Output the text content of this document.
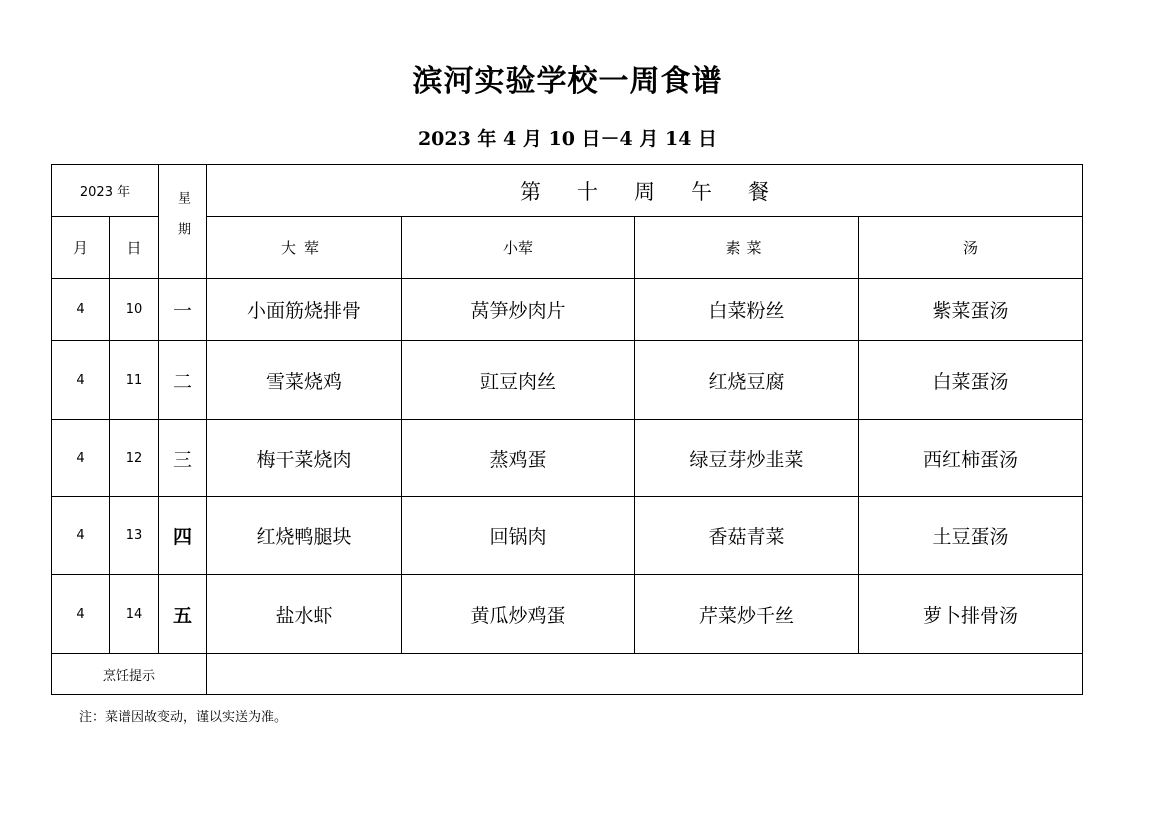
滨河实验学校一周食谱
2023 年 4 月 10 日－4 月 14 日
2023 年		星期	第十周午餐			
月	日		大荤	小荤	素菜	汤
4	10	一	小面筋烧排骨	莴笋炒肉片	白菜粉丝	紫菜蛋汤
4	11	二	雪菜烧鸡	豇豆肉丝	红烧豆腐	白菜蛋汤
4	12	三	梅干菜烧肉	蒸鸡蛋	绿豆芽炒韭菜	西红柿蛋汤
4	13	四	红烧鸭腿块	回锅肉	香菇青菜	土豆蛋汤
4	14	五	盐水虾	黄瓜炒鸡蛋	芹菜炒千丝	萝卜排骨汤
烹饪提示						
注：菜谱因故变动，谨以实送为准。
